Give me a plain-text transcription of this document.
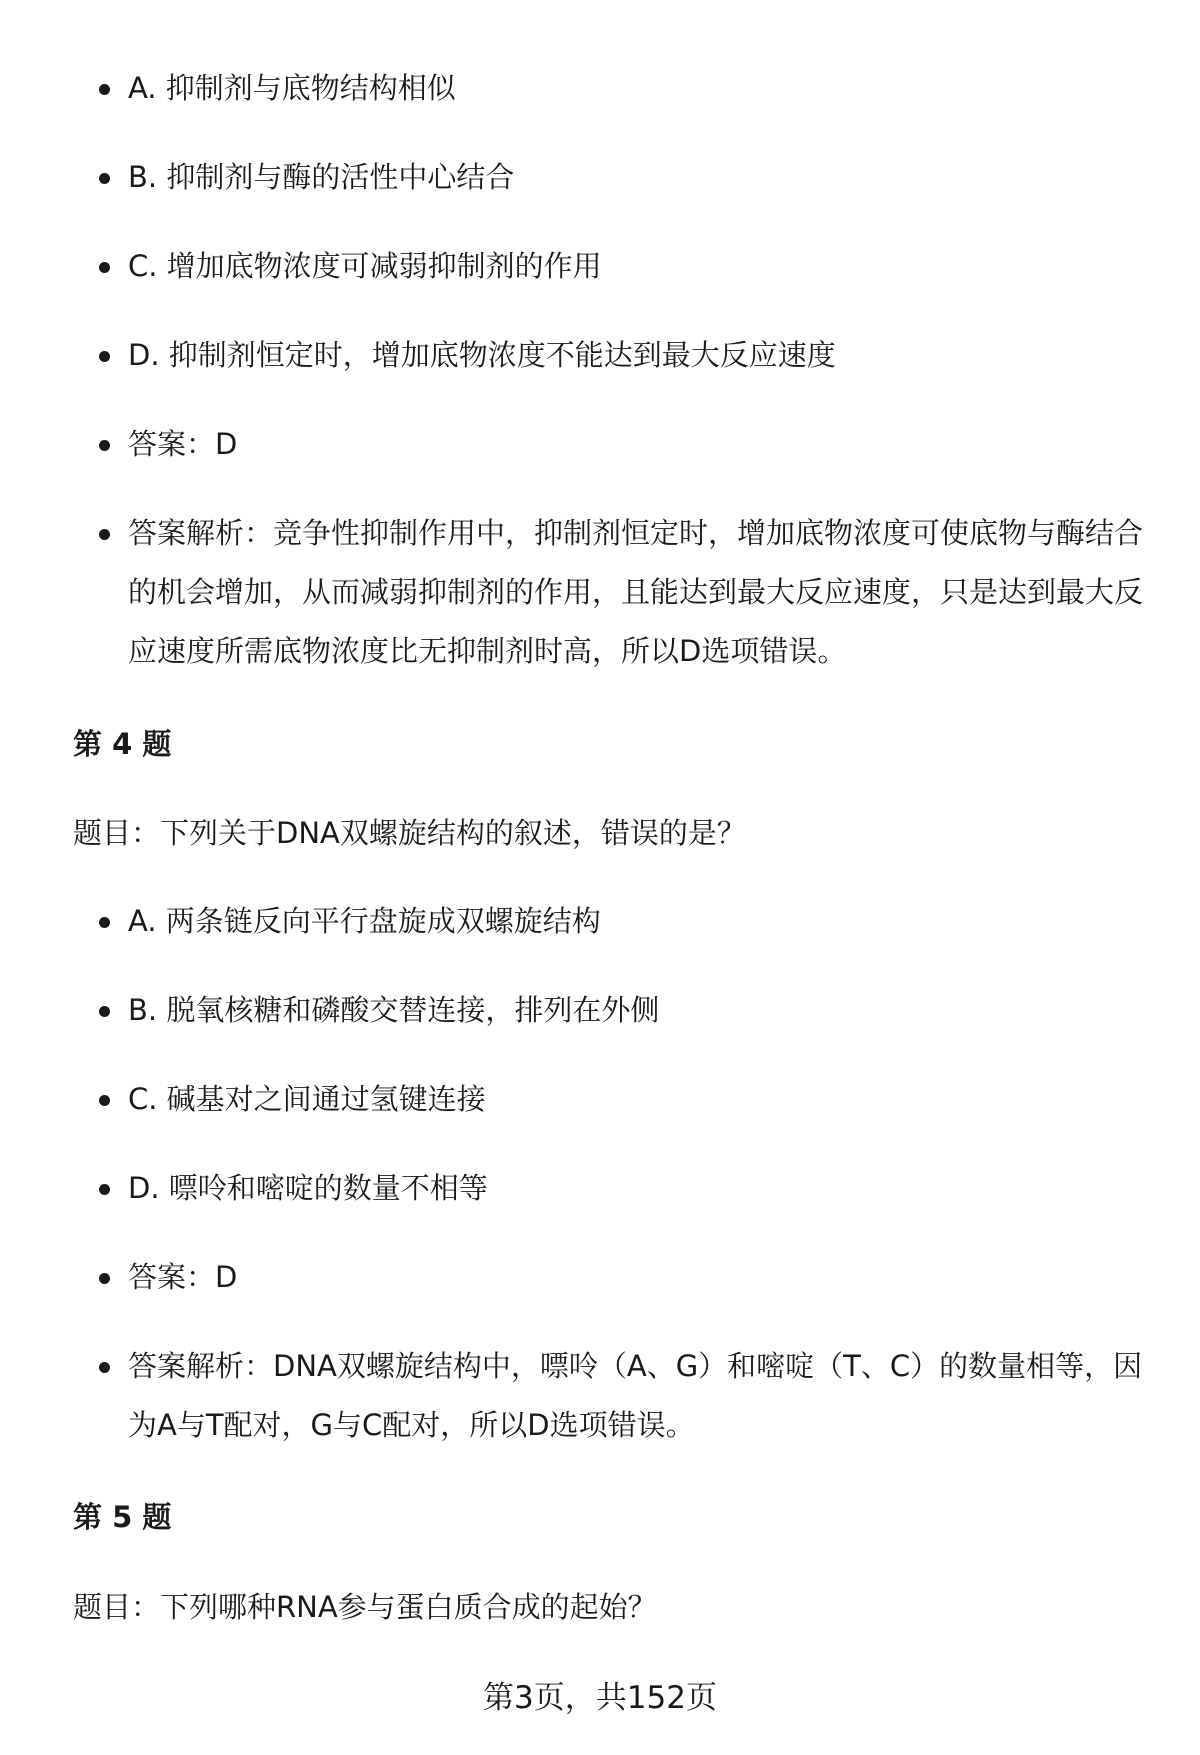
A. 抑制剂与底物结构相似
B. 抑制剂与酶的活性中心结合
C. 增加底物浓度可减弱抑制剂的作用
D. 抑制剂恒定时，增加底物浓度不能达到最大反应速度
答案：D
答案解析：竞争性抑制作用中，抑制剂恒定时，增加底物浓度可使底物与酶结合的机会增加，从而减弱抑制剂的作用，且能达到最大反应速度，只是达到最大反应速度所需底物浓度比无抑制剂时高，所以D选项错误。
第 4 题

题目：下列关于DNA双螺旋结构的叙述，错误的是？

A. 两条链反向平行盘旋成双螺旋结构
B. 脱氧核糖和磷酸交替连接，排列在外侧
C. 碱基对之间通过氢键连接
D. 嘌呤和嘧啶的数量不相等
答案：D
答案解析：DNA双螺旋结构中，嘌呤（A、G）和嘧啶（T、C）的数量相等，因为A与T配对，G与C配对，所以D选项错误。
第 5 题

题目：下列哪种RNA参与蛋白质合成的起始？

第3页，共152页
